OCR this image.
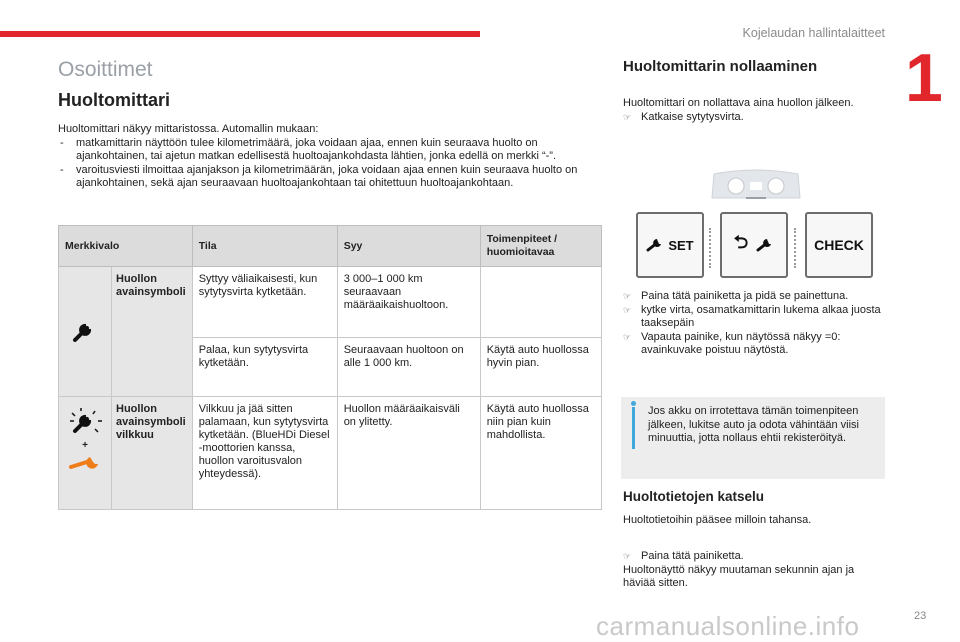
Kojelaudan hallintalaitteet
1
Osoittimet
Huoltomittari

Huoltomittari näkyy mittaristossa. Automallin mukaan:

- matkamittarin näyttöön tulee kilometrimäärä, joka voidaan ajaa, ennen kuin seuraava huolto on ajankohtainen, tai ajetun matkan edellisestä huoltoajankohdasta lähtien, jonka edellä on merkki “-”.
- varoitusviesti ilmoittaa ajanjakson ja kilometrimäärän, joka voidaan ajaa ennen kuin seuraava huolto on ajankohtainen, sekä ajan seuraavaan huoltoajankohtaan tai ohitettuun huoltoajankohtaan.
Merkkivalo		Tila	Syy	Toimenpiteet / huomioitavaa
	Huollon avainsymboli	Syttyy väliaikaisesti, kun sytytysvirta kytketään.	3 000–1 000 km seuraavaan määräaikaishuoltoon.	
		Palaa, kun sytytysvirta kytketään.	Seuraavaan huoltoon on alle 1 000 km.	Käytä auto huollossa hyvin pian.

+	Huollon avainsymboli vilkkuu	Vilkkuu ja jää sitten palamaan, kun sytytysvirta kytketään. (BlueHDi Diesel -moottorien kanssa, huollon varoitusvalon yhteydessä).	Huollon määräaikaisväli on ylitetty.	Käytä auto huollossa niin pian kuin mahdollista.
Huoltomittarin nollaaminen

Huoltomittari on nollattava aina huollon jälkeen.

☞ Katkaise sytytysvirta.

SET ⮌	CHECK

☞ Paina tätä painiketta ja pidä se painettuna.

☞ kytke virta, osamatkamittarin lukema alkaa juosta taaksepäin

☞ Vapauta painike, kun näytössä näkyy =0: avainkuvake poistuu näytöstä.

Jos akku on irrotettava tämän toimenpiteen jälkeen, lukitse auto ja odota vähintään viisi minuuttia, jotta nollaus ehtii rekisteröityä.
Huoltotietojen katselu

Huoltotietoihin pääsee milloin tahansa.

☞ Paina tätä painiketta.

Huoltonäyttö näkyy muutaman sekunnin ajan ja häviää sitten.

carmanualsonline.info	23
